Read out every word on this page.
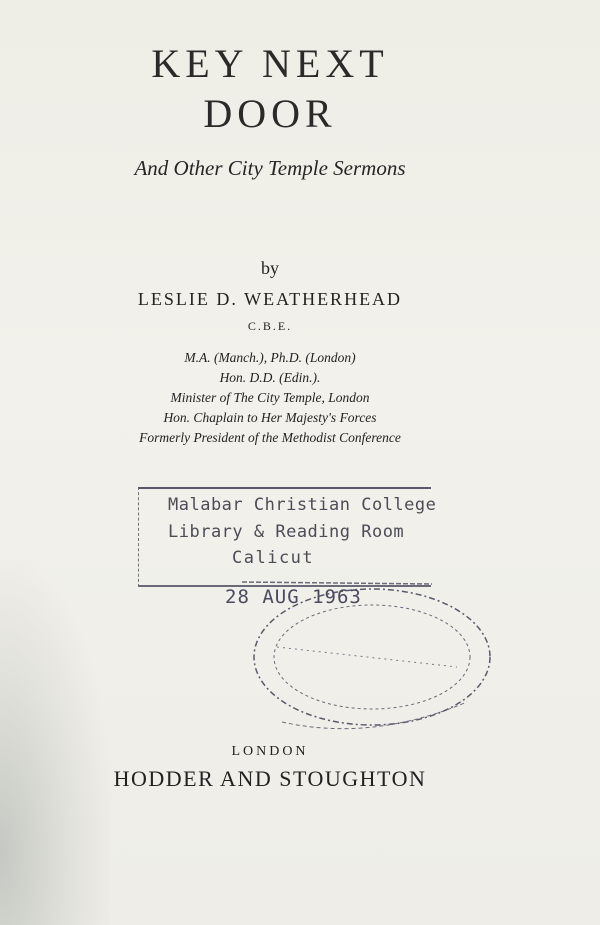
KEY NEXT
DOOR
And Other City Temple Sermons
by
LESLIE D. WEATHERHEAD
C.B.E.
M.A. (Manch.), Ph.D. (London)
Hon. D.D. (Edin.).
Minister of The City Temple, London
Hon. Chaplain to Her Majesty's Forces
Formerly President of the Methodist Conference
Malabar Christian College
Library & Reading Room
Calicut
28 AUG 1963
LONDON
HODDER AND STOUGHTON
